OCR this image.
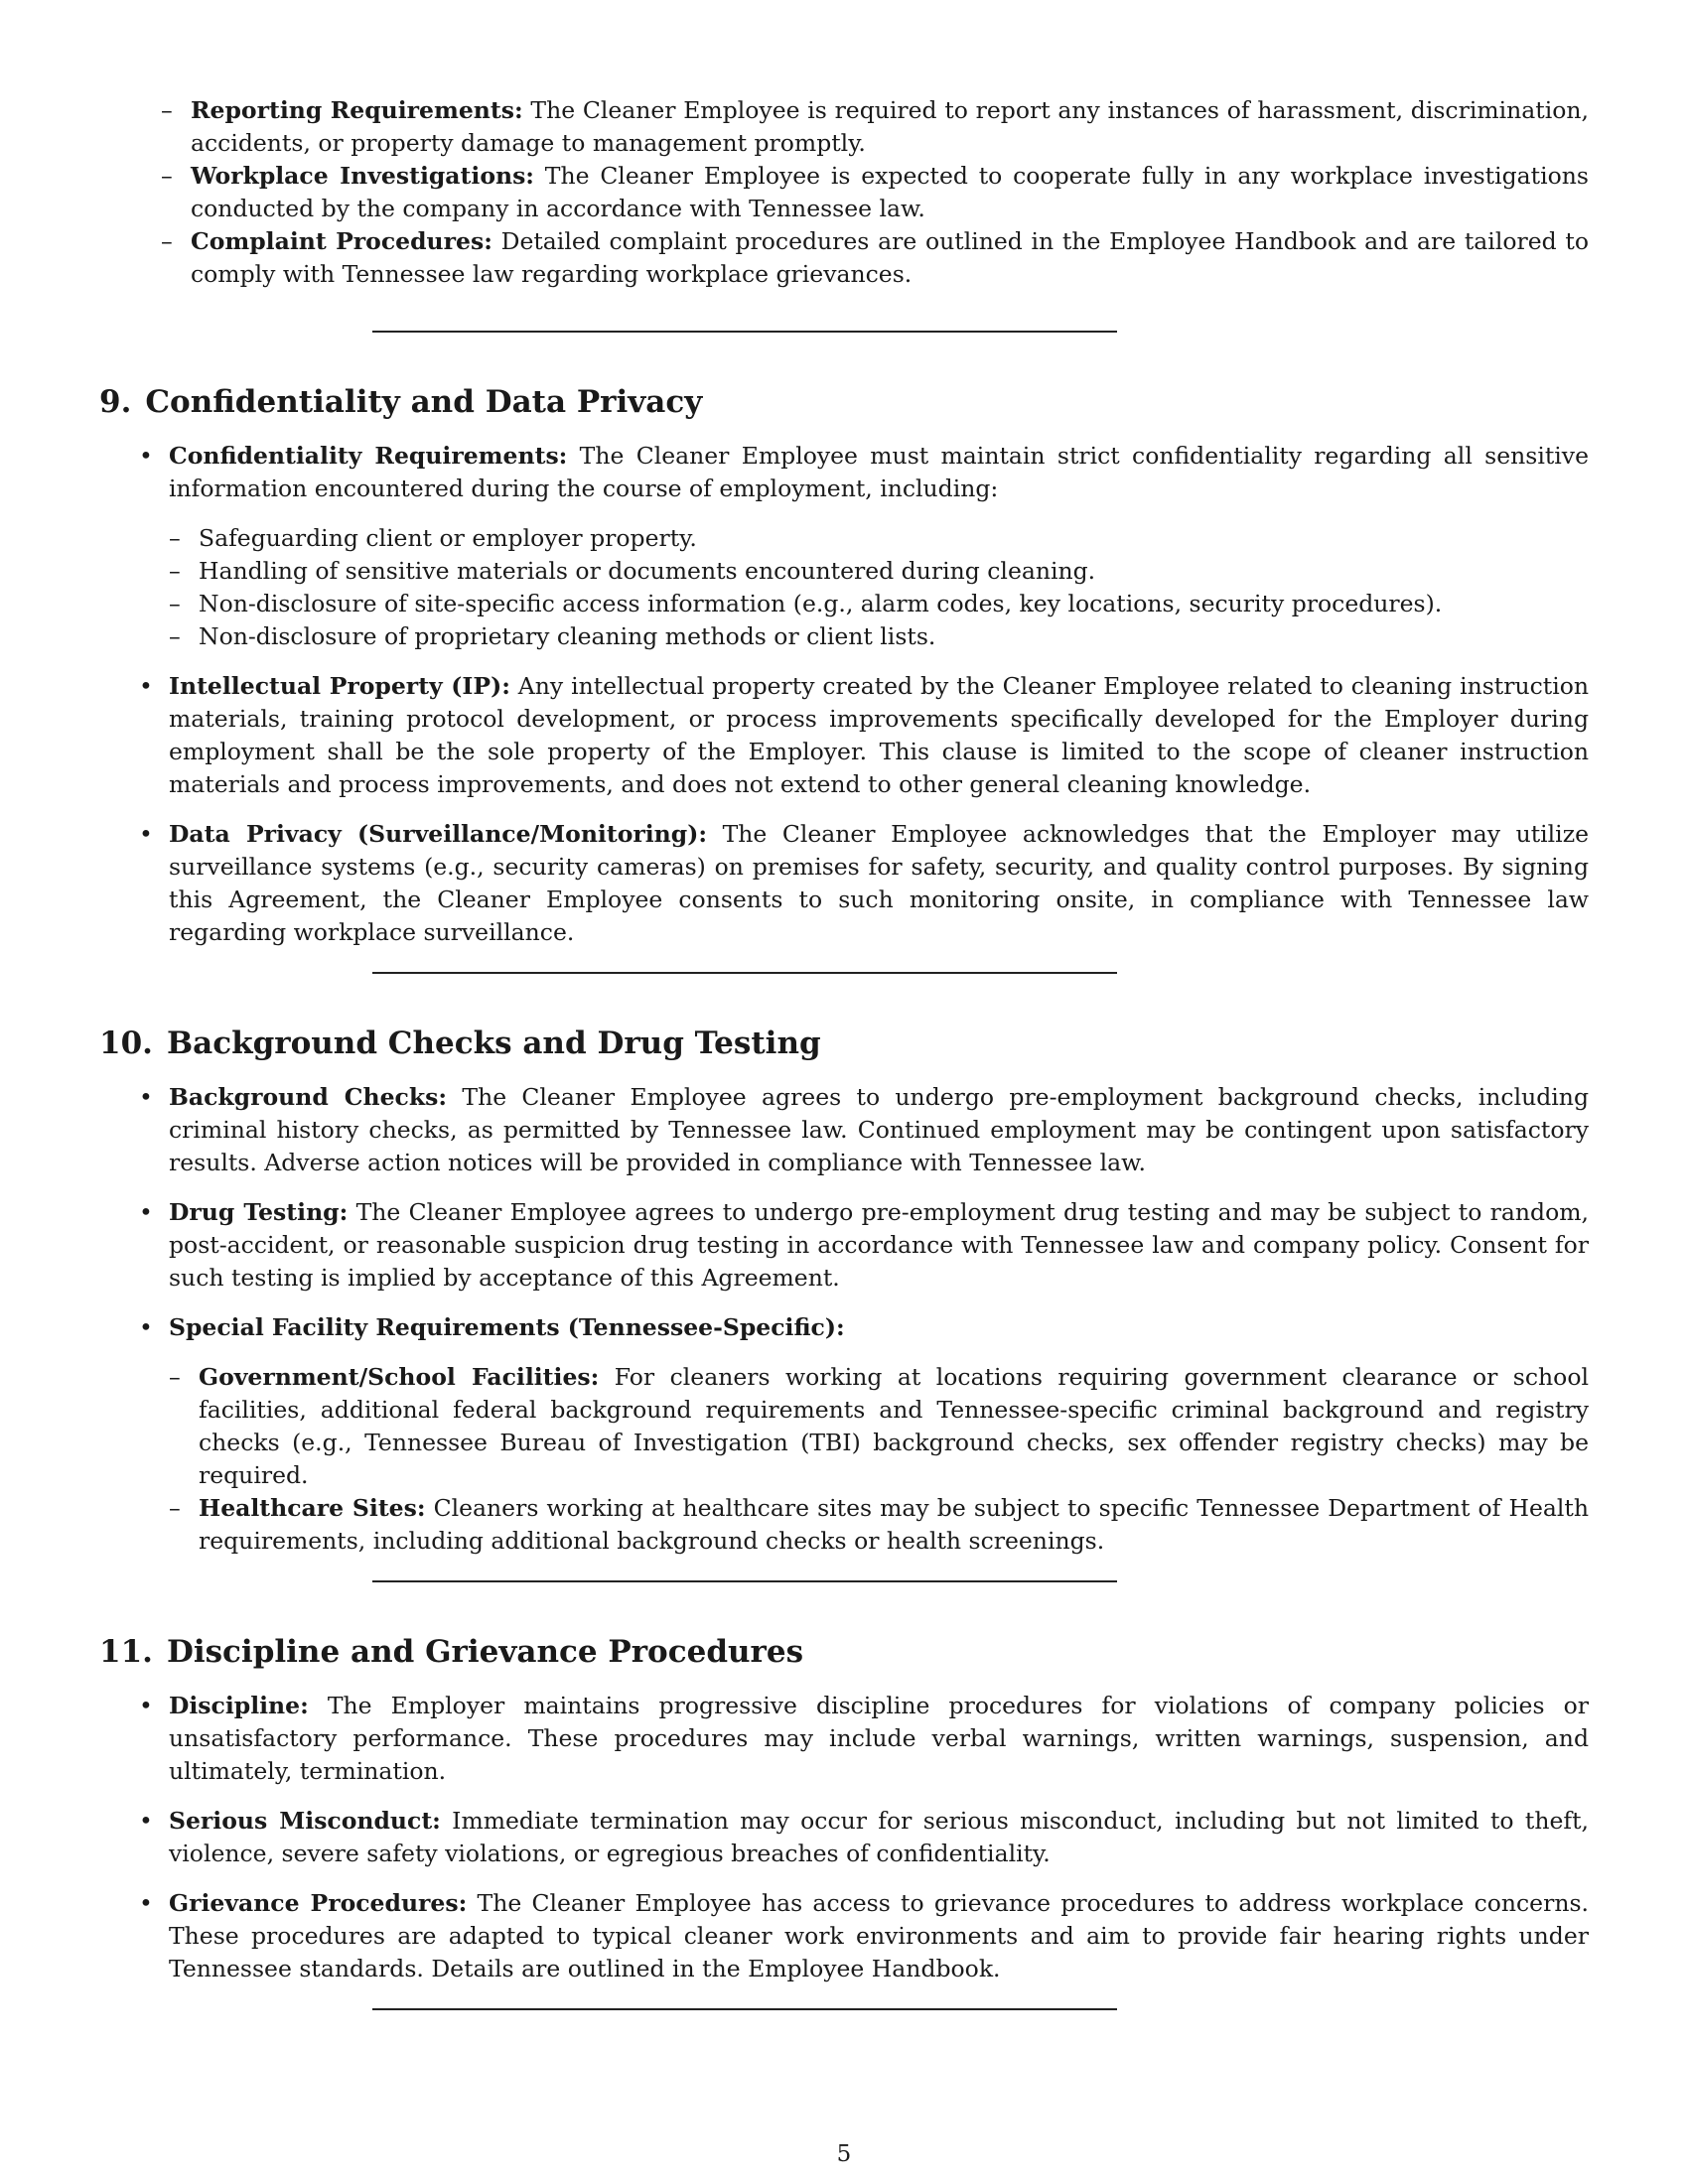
– Reporting Requirements: The Cleaner Employee is required to report any instances of harassment, discrimination, accidents, or property damage to management promptly.
– Workplace Investigations: The Cleaner Employee is expected to cooperate fully in any workplace investigations conducted by the company in accordance with Tennessee law.
– Complaint Procedures: Detailed complaint procedures are outlined in the Employee Handbook and are tailored to comply with Tennessee law regarding workplace grievances.
9. Confidentiality and Data Privacy
• Confidentiality Requirements: The Cleaner Employee must maintain strict confidentiality regarding all sensitive information encountered during the course of employment, including:
– Safeguarding client or employer property.
– Handling of sensitive materials or documents encountered during cleaning.
– Non-disclosure of site-specific access information (e.g., alarm codes, key locations, security procedures).
– Non-disclosure of proprietary cleaning methods or client lists.
• Intellectual Property (IP): Any intellectual property created by the Cleaner Employee related to cleaning instruction materials, training protocol development, or process improvements specifically developed for the Employer during employment shall be the sole property of the Employer. This clause is limited to the scope of cleaner instruction materials and process improvements, and does not extend to other general cleaning knowledge.
• Data Privacy (Surveillance/Monitoring): The Cleaner Employee acknowledges that the Employer may utilize surveillance systems (e.g., security cameras) on premises for safety, security, and quality control purposes. By signing this Agreement, the Cleaner Employee consents to such monitoring onsite, in compliance with Tennessee law regarding workplace surveillance.
10. Background Checks and Drug Testing
• Background Checks: The Cleaner Employee agrees to undergo pre-employment background checks, including criminal history checks, as permitted by Tennessee law. Continued employment may be contingent upon satisfactory results. Adverse action notices will be provided in compliance with Tennessee law.
• Drug Testing: The Cleaner Employee agrees to undergo pre-employment drug testing and may be subject to random, post-accident, or reasonable suspicion drug testing in accordance with Tennessee law and company policy. Consent for such testing is implied by acceptance of this Agreement.
• Special Facility Requirements (Tennessee-Specific):
– Government/School Facilities: For cleaners working at locations requiring government clearance or school facilities, additional federal background requirements and Tennessee-specific criminal background and registry checks (e.g., Tennessee Bureau of Investigation (TBI) background checks, sex offender registry checks) may be required.
– Healthcare Sites: Cleaners working at healthcare sites may be subject to specific Tennessee Department of Health requirements, including additional background checks or health screenings.
11. Discipline and Grievance Procedures
• Discipline: The Employer maintains progressive discipline procedures for violations of company policies or unsatisfactory performance. These procedures may include verbal warnings, written warnings, suspension, and ultimately, termination.
• Serious Misconduct: Immediate termination may occur for serious misconduct, including but not limited to theft, violence, severe safety violations, or egregious breaches of confidentiality.
• Grievance Procedures: The Cleaner Employee has access to grievance procedures to address workplace concerns. These procedures are adapted to typical cleaner work environments and aim to provide fair hearing rights under Tennessee standards. Details are outlined in the Employee Handbook.
5
